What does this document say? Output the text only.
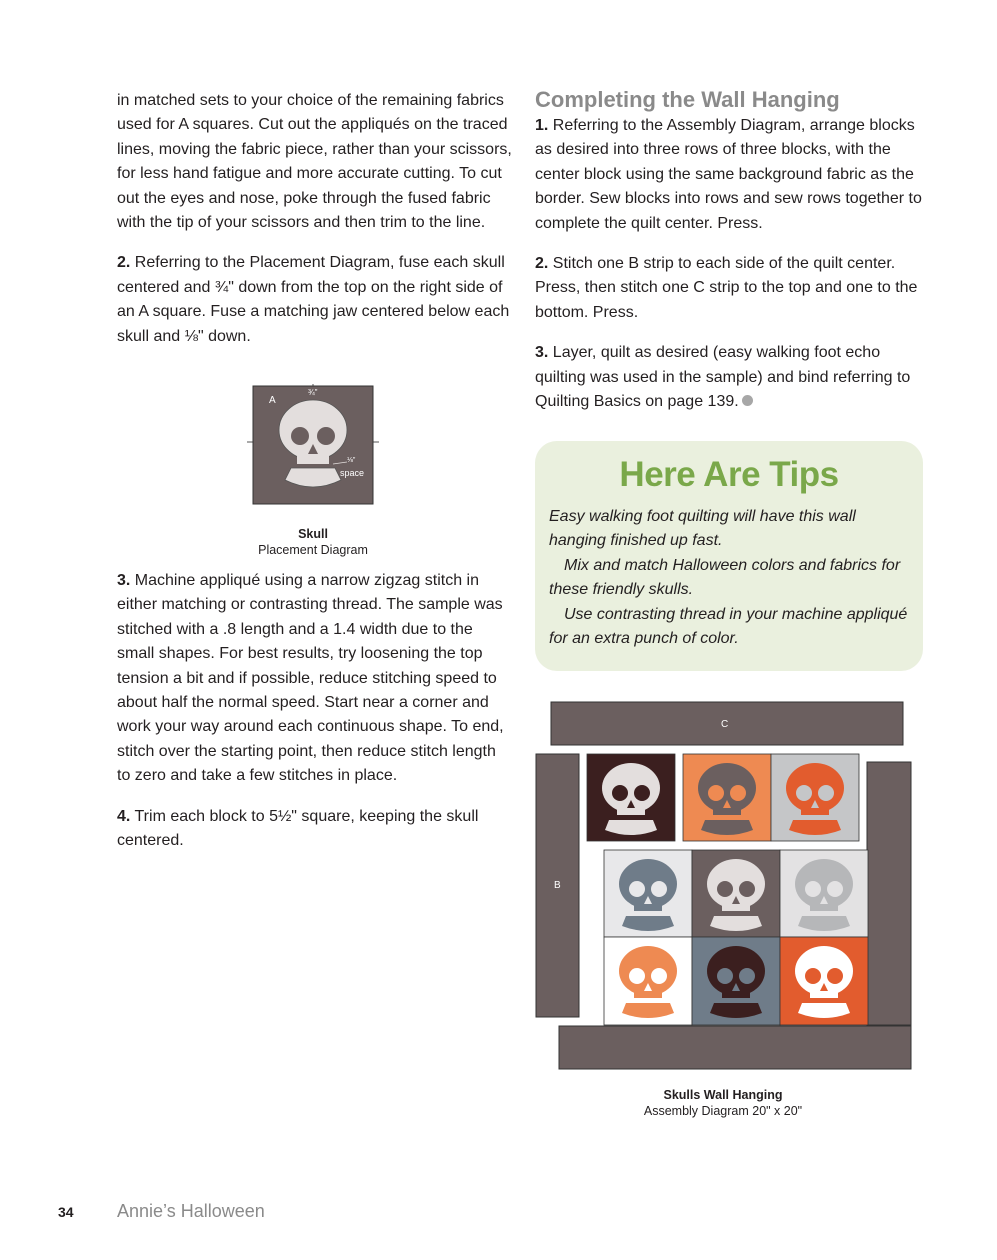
in matched sets to your choice of the remaining fabrics used for A squares. Cut out the appliqués on the traced lines, moving the fabric piece, rather than your scissors, for less hand fatigue and more accurate cutting. To cut out the eyes and nose, poke through the fused fabric with the tip of your scissors and then trim to the line.

2. Referring to the Placement Diagram, fuse each skull centered and ¾" down from the top on the right side of an A square. Fuse a matching jaw centered below each skull and ⅛" down.

A
¾"
⅛"
space
Skull
Placement Diagram

3. Machine appliqué using a narrow zigzag stitch in either matching or contrasting thread. The sample was stitched with a .8 length and a 1.4 width due to the small shapes. For best results, try loosening the top tension a bit and if possible, reduce stitching speed to about half the normal speed. Start near a corner and work your way around each continuous shape. To end, stitch over the starting point, then reduce stitch length to zero and take a few stitches in place.

4. Trim each block to 5½" square, keeping the skull centered.

Completing the Wall Hanging

1. Referring to the Assembly Diagram, arrange blocks as desired into three rows of three blocks, with the center block using the same background fabric as the border. Sew blocks into rows and sew rows together to complete the quilt center. Press.

2. Stitch one B strip to each side of the quilt center. Press, then stitch one C strip to the top and one to the bottom. Press.

3. Layer, quilt as desired (easy walking foot echo quilting was used in the sample) and bind referring to Quilting Basics on page 139.

Here Are Tips

Easy walking foot quilting will have this wall hanging finished up fast.

Mix and match Halloween colors and fabrics for these friendly skulls.

Use contrasting thread in your machine appliqué for an extra punch of color.

C
B
Skulls Wall Hanging
Assembly Diagram 20" x 20"
34 Annie’s Halloween
